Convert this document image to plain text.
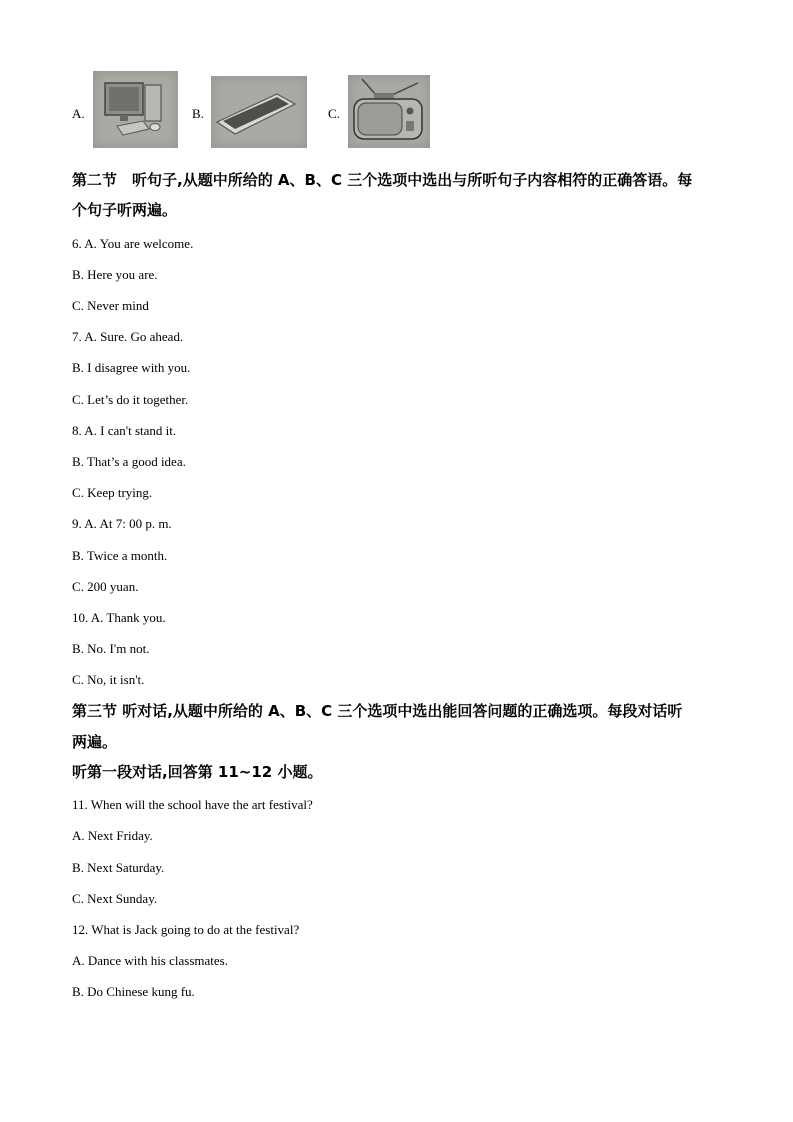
A.	B.	C.
第二节　听句子,从题中所给的 A、B、C 三个选项中选出与所听句子内容相符的正确答语。每
个句子听两遍。
6. A. You are welcome.
B. Here you are.
C. Never mind
7. A. Sure. Go ahead.
B. I disagree with you.
C. Let’s do it together.
8. A. I can't stand it.
B. That’s a good idea.
C. Keep trying.
9. A. At 7: 00 p. m.
B. Twice a month.
C. 200 yuan.
10. A. Thank you.
B. No. I'm not.
C. No, it isn't.
第三节 听对话,从题中所给的 A、B、C 三个选项中选出能回答问题的正确选项。每段对话听
两遍。
听第一段对话,回答第 11~12 小题。
11. When will the school have the art festival?
A. Next Friday.
B. Next Saturday.
C. Next Sunday.
12. What is Jack going to do at the festival?
A. Dance with his classmates.
B. Do Chinese kung fu.
